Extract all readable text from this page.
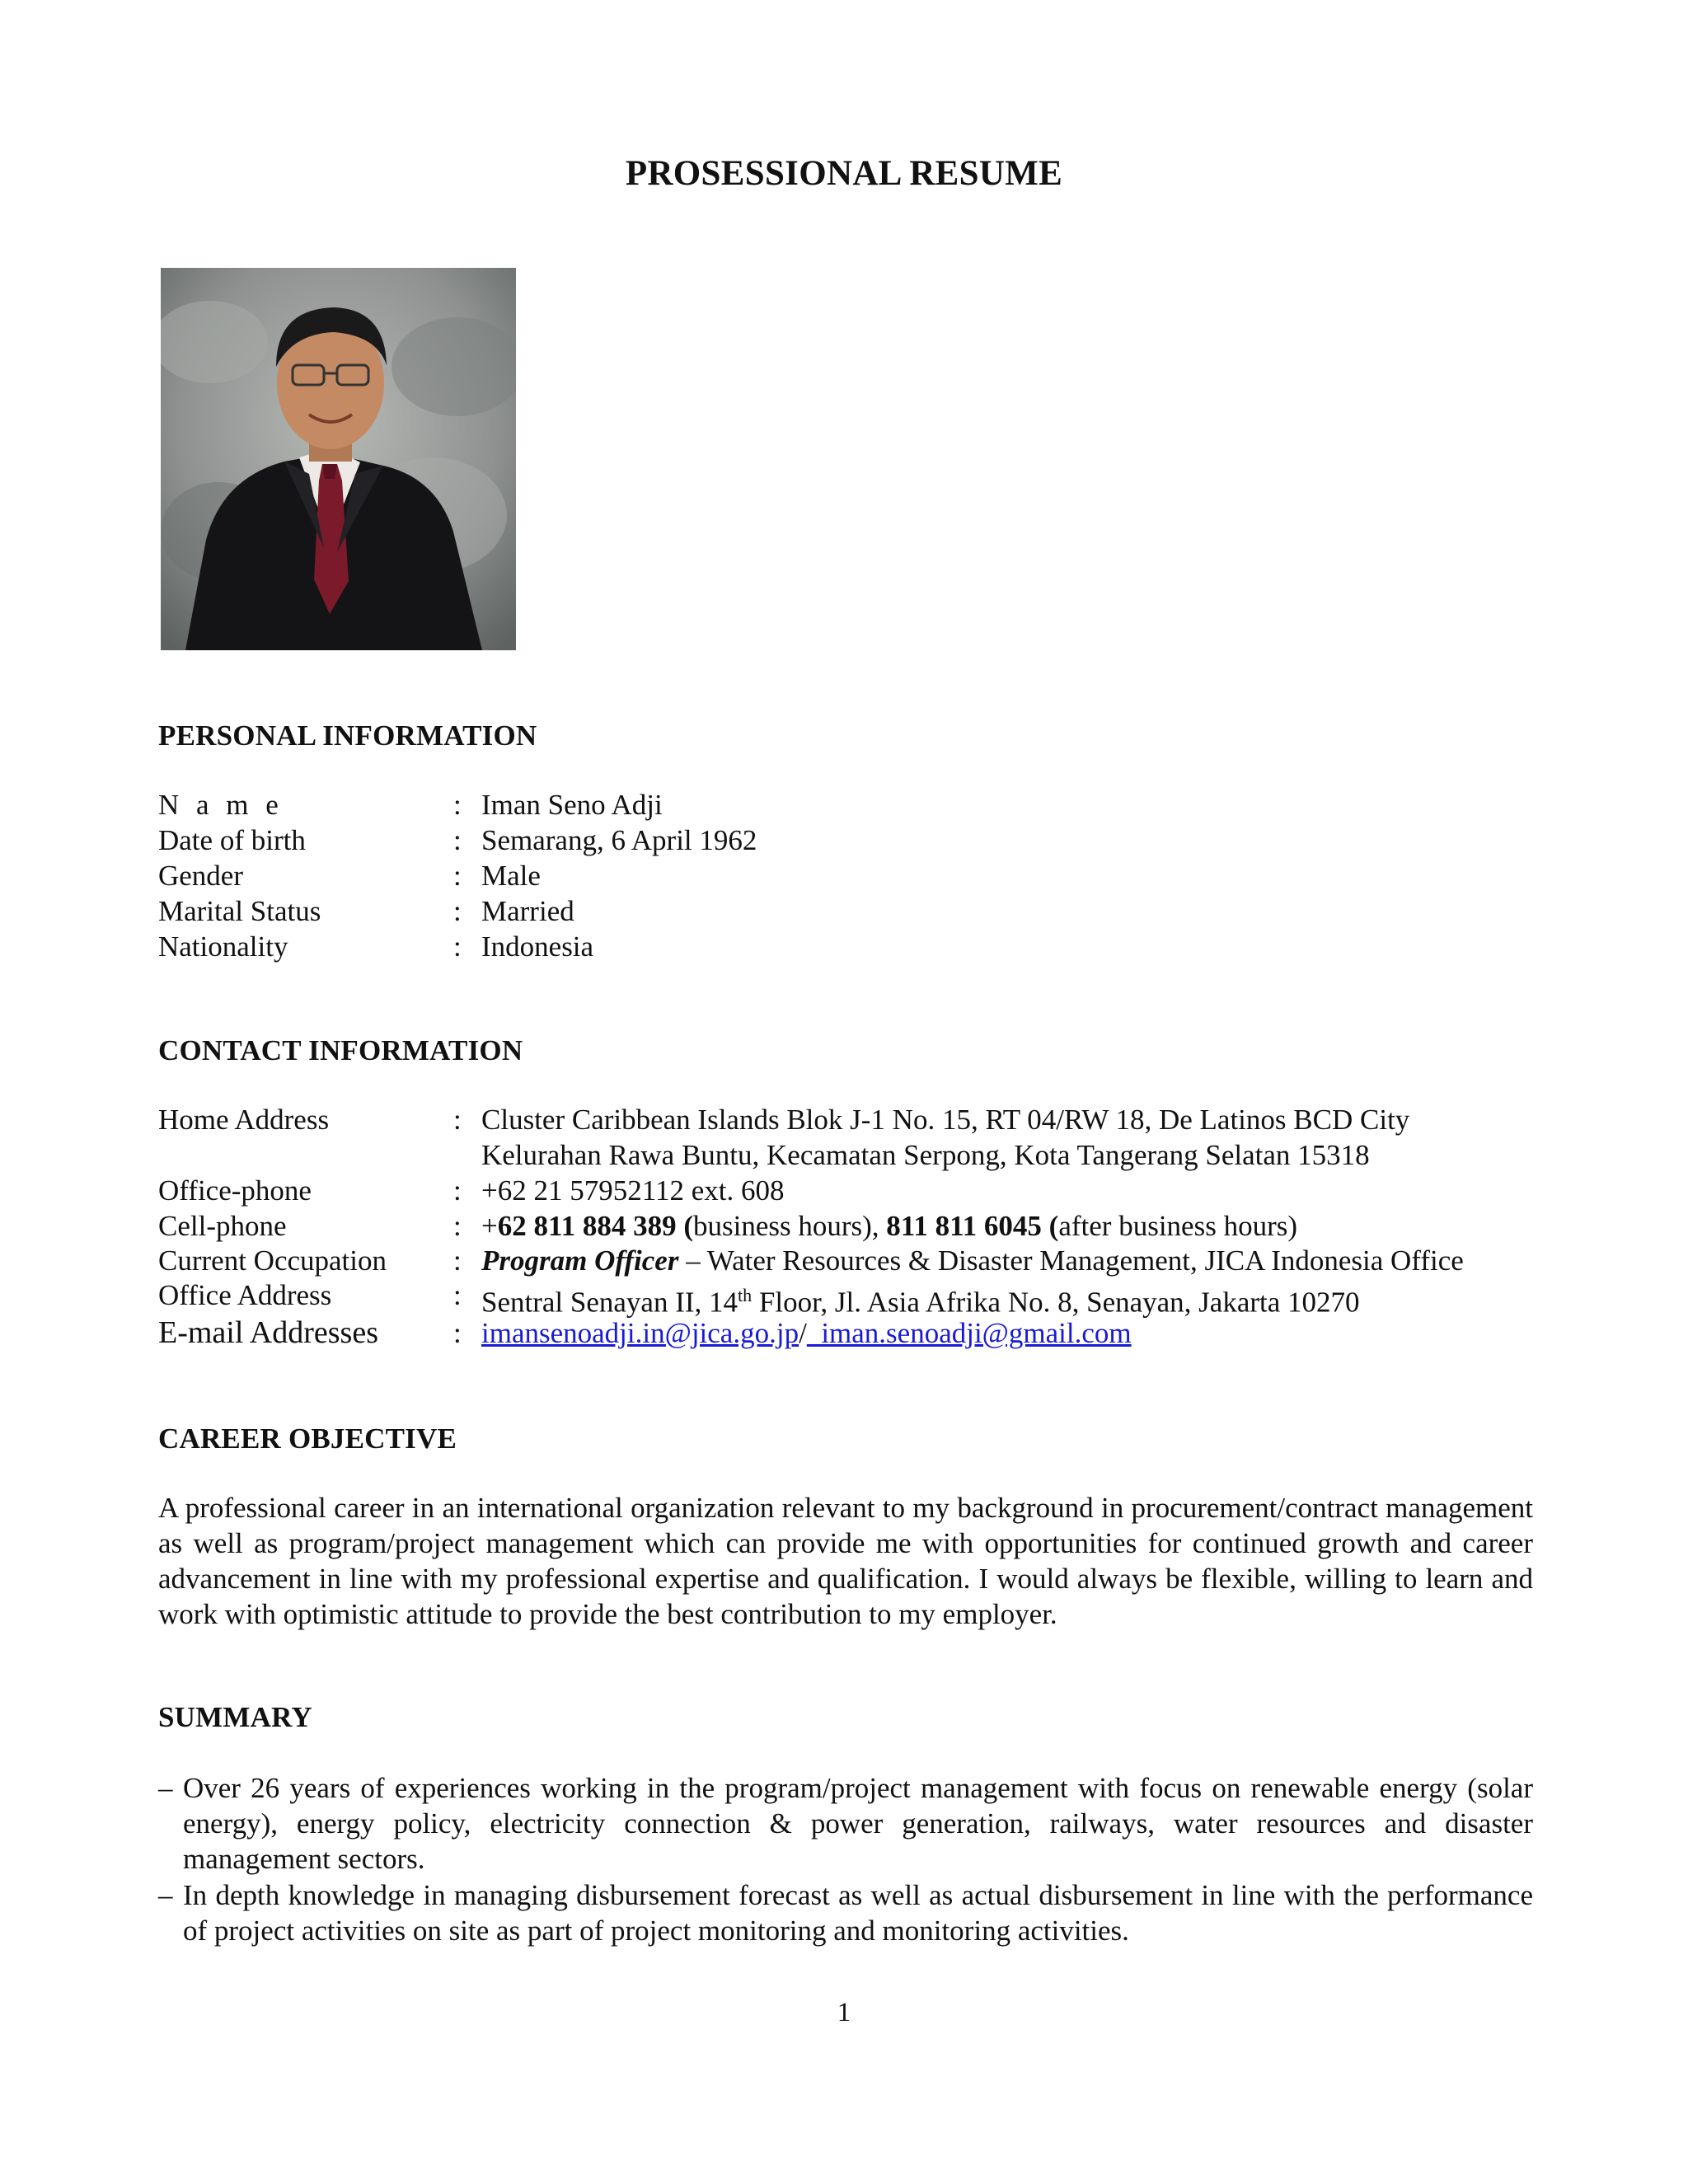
PROSESSIONAL RESUME
PERSONAL INFORMATION
N a m e	: Iman Seno Adji
Date of birth	: Semarang, 6 April 1962
Gender	: Male
Marital Status	: Married
Nationality	: Indonesia
CONTACT INFORMATION
Home Address	: Cluster Caribbean Islands Blok J-1 No. 15, RT 04/RW 18, De Latinos BCD City
Kelurahan Rawa Buntu, Kecamatan Serpong, Kota Tangerang Selatan 15318
Office-phone	: +62 21 57952112 ext. 608
Cell-phone	: +62 811 884 389 (business hours), 811 811 6045 (after business hours)
Current Occupation : Program Officer – Water Resources & Disaster Management, JICA Indonesia Office
Office Address	: Sentral Senayan II, 14th Floor, Jl. Asia Afrika No. 8, Senayan, Jakarta 10270
E-mail Addresses	: imansenoadji.in@jica.go.jp/  iman.senoadji@gmail.com
CAREER OBJECTIVE
A professional career in an international organization relevant to my background in procurement/contract management as well as program/project management which can provide me with opportunities for continued growth and career advancement in line with my professional expertise and qualification. I would always be flexible, willing to learn and work with optimistic attitude to provide the best contribution to my employer.
SUMMARY
– Over 26 years of experiences working in the program/project management with focus on renewable energy (solar energy), energy policy, electricity connection & power generation, railways, water resources and disaster management sectors.
– In depth knowledge in managing disbursement forecast as well as actual disbursement in line with the performance of project activities on site as part of project monitoring and monitoring activities.
1
